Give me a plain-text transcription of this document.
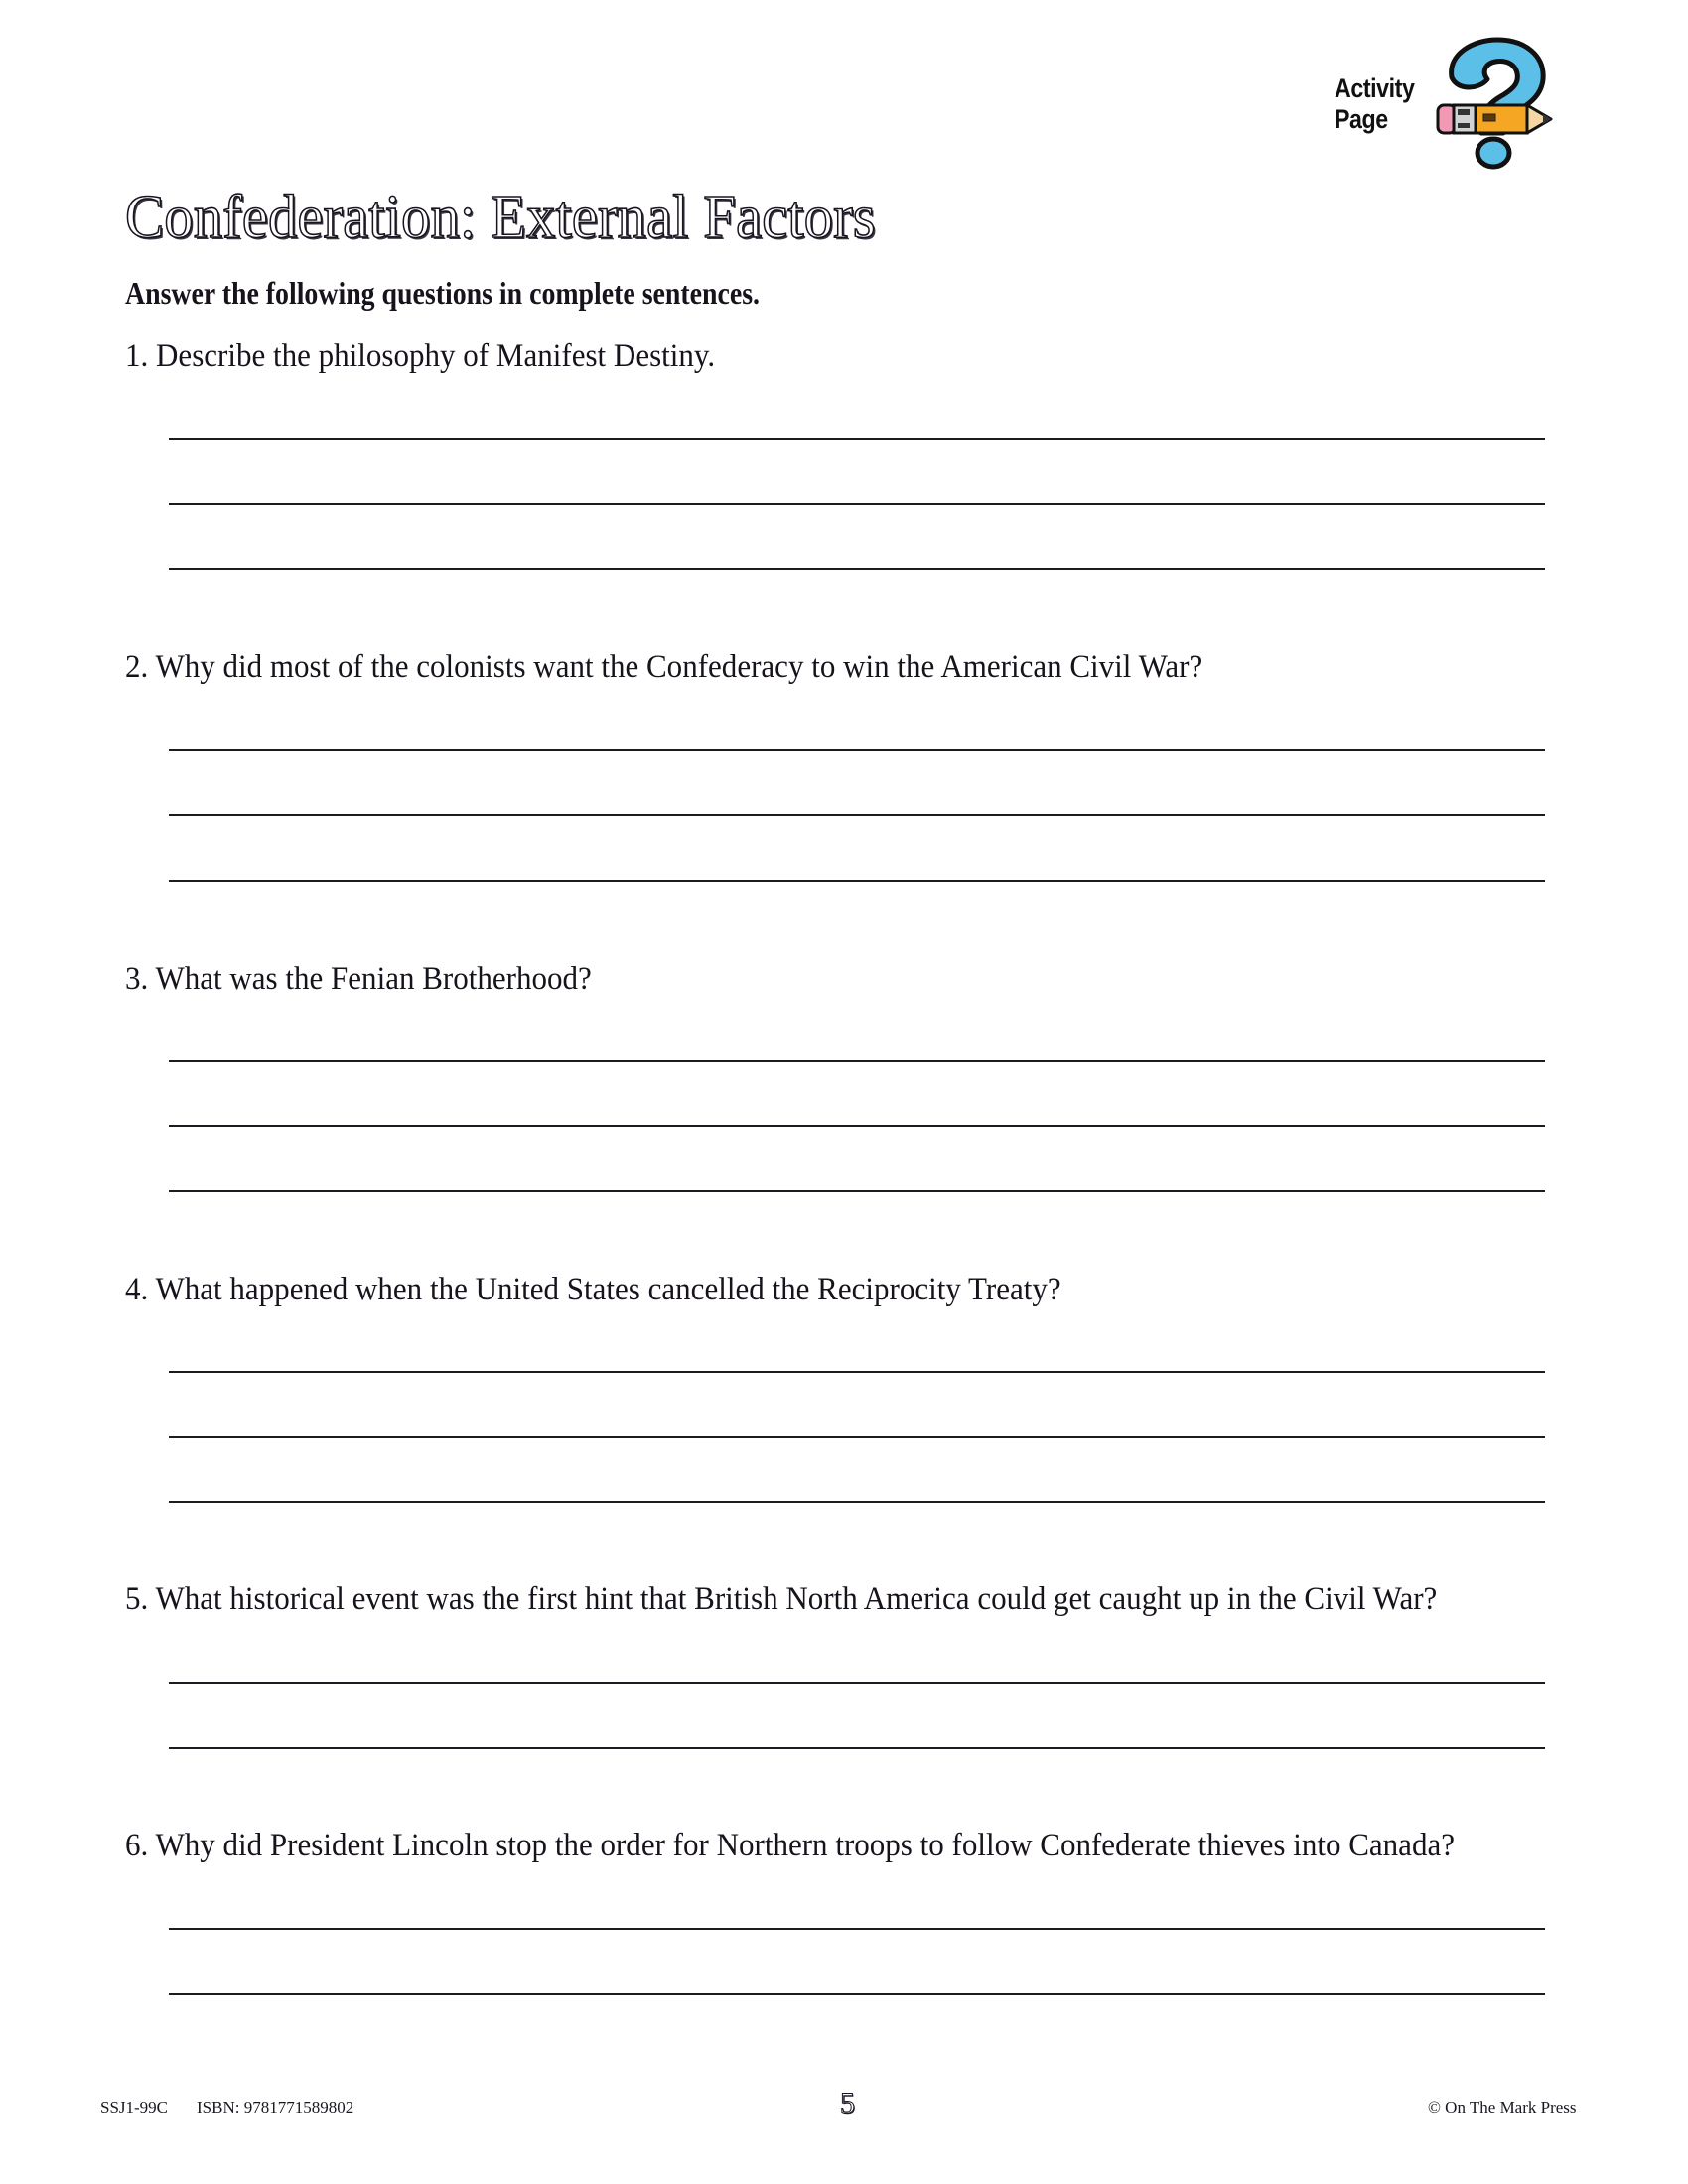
Activity
Page
Confederation: External Factors
Answer the following questions in complete sentences.
1. Describe the philosophy of Manifest Destiny.
2. Why did most of the colonists want the Confederacy to win the American Civil War?
3. What was the Fenian Brotherhood?
4. What happened when the United States cancelled the Reciprocity Treaty?
5. What historical event was the first hint that British North America could get caught up in the Civil War?
6. Why did President Lincoln stop the order for Northern troops to follow Confederate thieves into Canada?
SSJ1-99C ISBN: 9781771589802	5	© On The Mark Press
